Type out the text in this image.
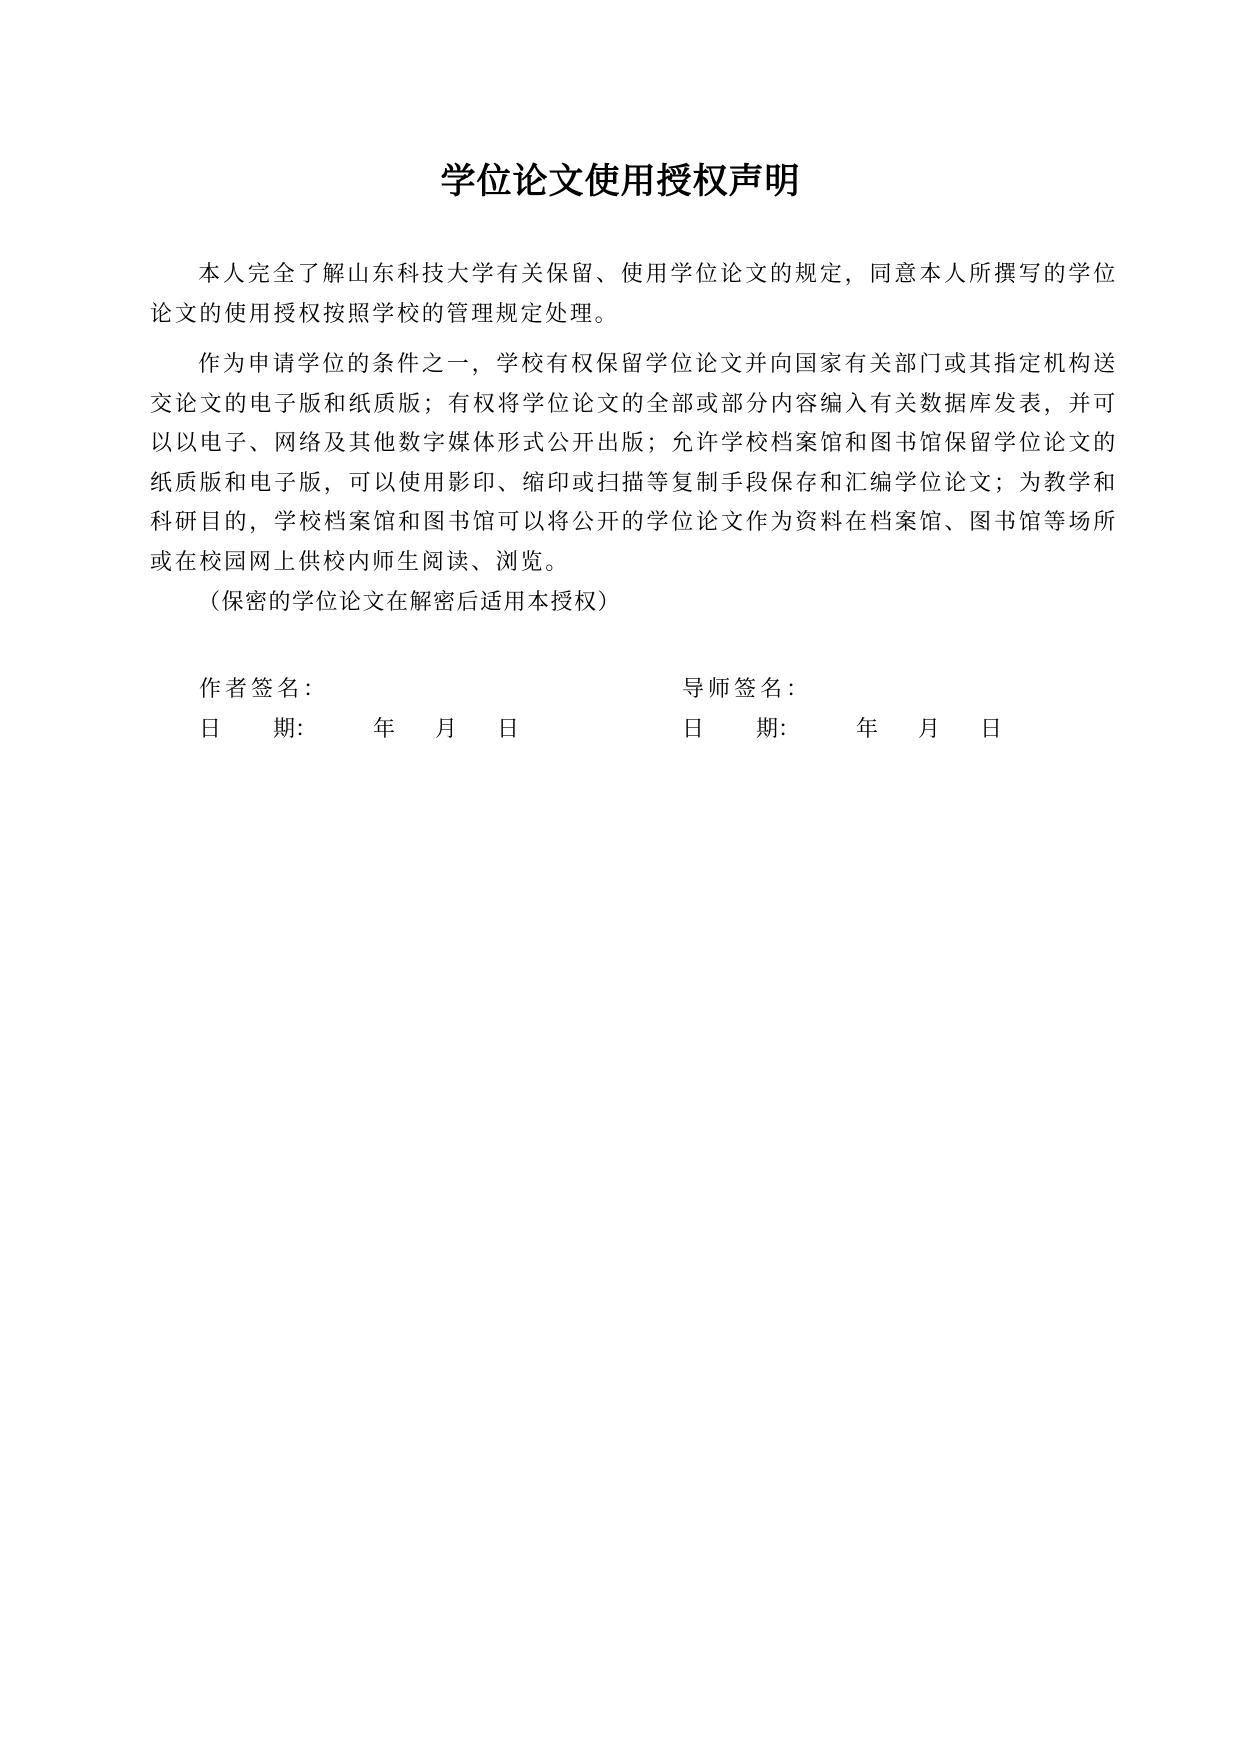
学位论文使用授权声明

本人完全了解山东科技大学有关保留、使用学位论文的规定，同意本人所撰写的学位论文的使用授权按照学校的管理规定处理。

作为申请学位的条件之一，学校有权保留学位论文并向国家有关部门或其指定机构送交论文的电子版和纸质版；有权将学位论文的全部或部分内容编入有关数据库发表，并可以以电子、网络及其他数字媒体形式公开出版；允许学校档案馆和图书馆保留学位论文的纸质版和电子版，可以使用影印、缩印或扫描等复制手段保存和汇编学位论文；为教学和科研目的，学校档案馆和图书馆可以将公开的学位论文作为资料在档案馆、图书馆等场所或在校园网上供校内师生阅读、浏览。

（保密的学位论文在解密后适用本授权）

作者签名：
日 期：	年 月 日
导师签名：
日 期：	年 月 日
